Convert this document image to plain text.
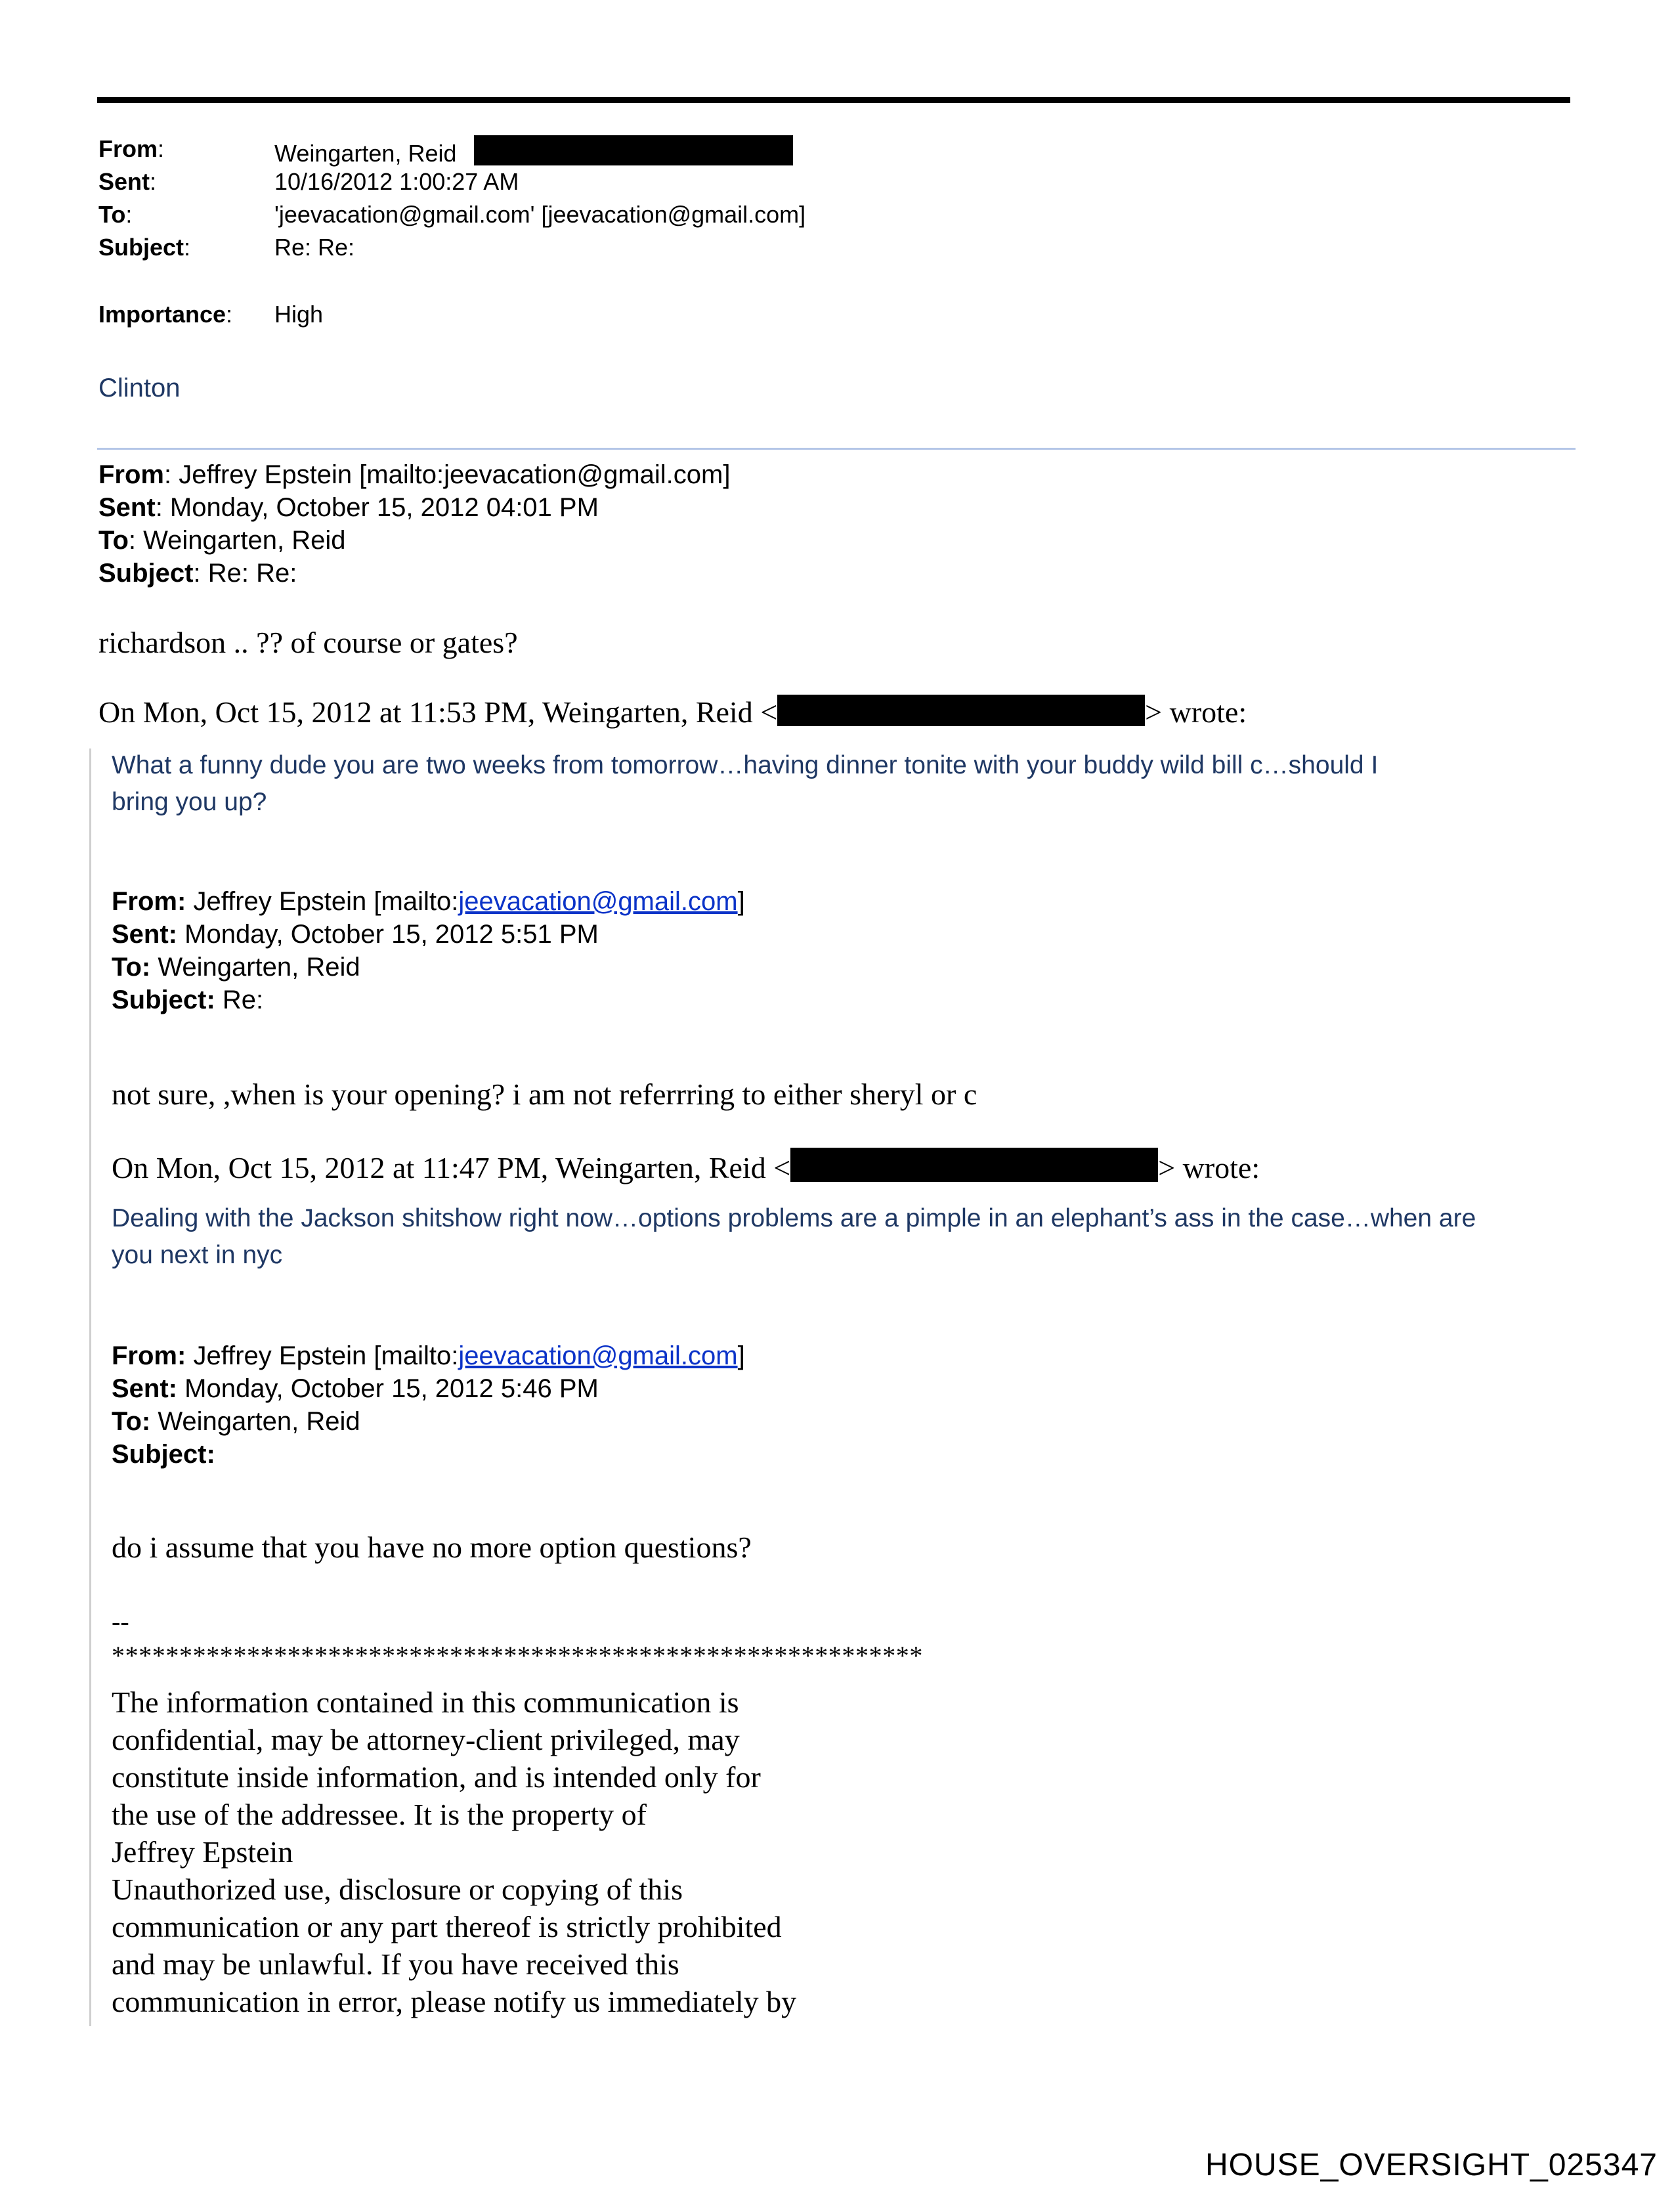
From:	Weingarten, Reid
Sent:	10/16/2012 1:00:27 AM
To:	'jeevacation@gmail.com' [jeevacation@gmail.com]
Subject:	Re: Re:
Importance: High
Clinton
From: Jeffrey Epstein [mailto:jeevacation@gmail.com]
Sent: Monday, October 15, 2012 04:01 PM
To: Weingarten, Reid
Subject: Re: Re:
richardson .. ?? of course or gates?
On Mon, Oct 15, 2012 at 11:53 PM, Weingarten, Reid <	> wrote:
What a funny dude you are two weeks from tomorrow…having dinner tonite with your buddy wild bill c…should I
bring you up?
From: Jeffrey Epstein [mailto:jeevacation@gmail.com]
Sent: Monday, October 15, 2012 5:51 PM
To: Weingarten, Reid
Subject: Re:
not sure, ,when is your opening? i am not referrring to either sheryl or c
On Mon, Oct 15, 2012 at 11:47 PM, Weingarten, Reid <	> wrote:
Dealing with the Jackson shitshow right now…options problems are a pimple in an elephant’s ass in the case…when are
you next in nyc
From: Jeffrey Epstein [mailto:jeevacation@gmail.com]
Sent: Monday, October 15, 2012 5:46 PM
To: Weingarten, Reid
Subject:
do i assume that you have no more option questions?
--
************************************************************
The information contained in this communication is
confidential, may be attorney-client privileged, may
constitute inside information, and is intended only for
the use of the addressee. It is the property of
Jeffrey Epstein
Unauthorized use, disclosure or copying of this
communication or any part thereof is strictly prohibited
and may be unlawful. If you have received this
communication in error, please notify us immediately by
HOUSE_OVERSIGHT_025347
